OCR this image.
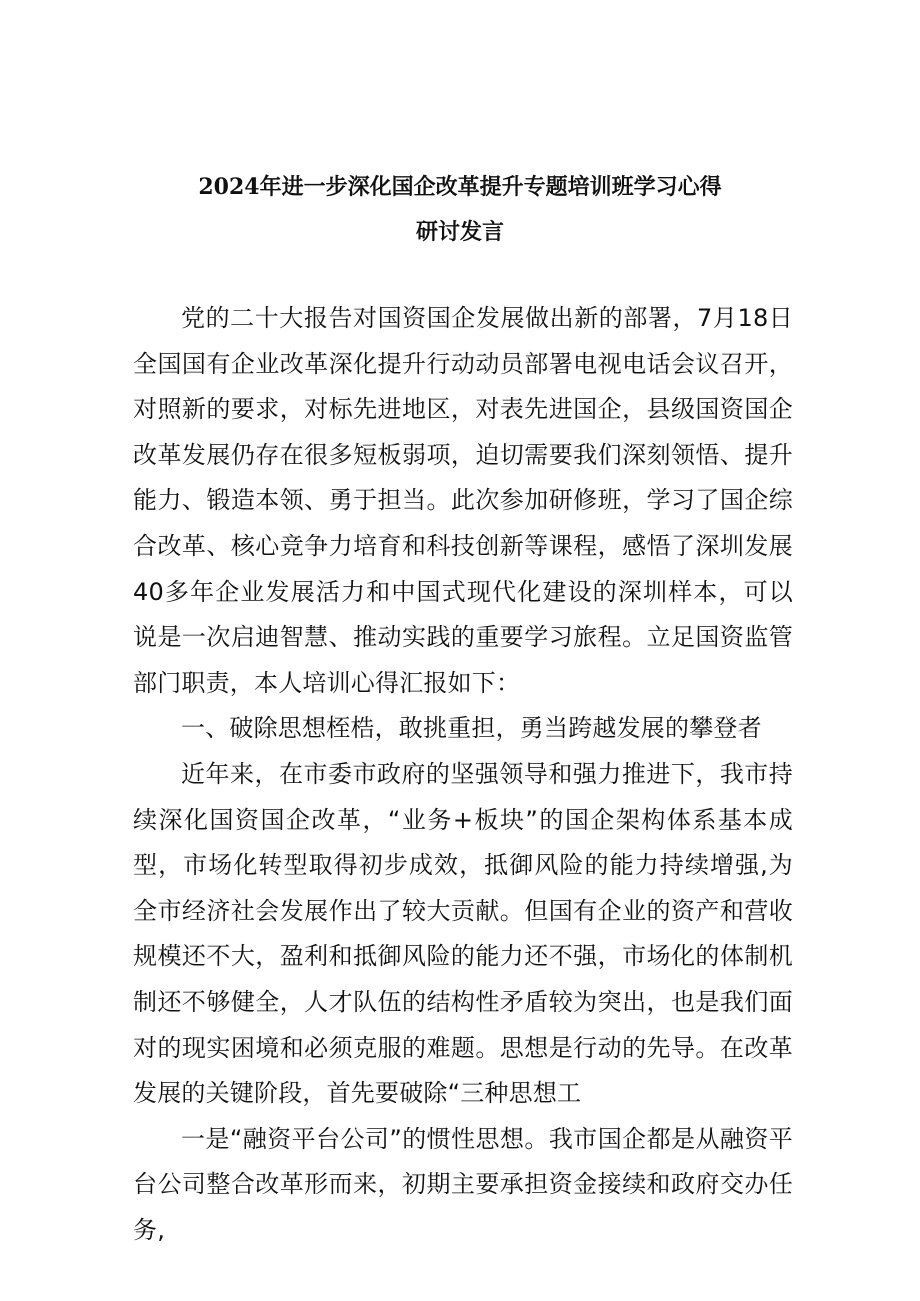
2024年进一步深化国企改革提升专题培训班学习心得
研讨发言

党的二十大报告对国资国企发展做出新的部署，7月18日全国国有企业改革深化提升行动动员部署电视电话会议召开，对照新的要求，对标先进地区，对表先进国企，县级国资国企改革发展仍存在很多短板弱项，迫切需要我们深刻领悟、提升能力、锻造本领、勇于担当。此次参加研修班，学习了国企综合改革、核心竞争力培育和科技创新等课程，感悟了深圳发展40多年企业发展活力和中国式现代化建设的深圳样本，可以说是一次启迪智慧、推动实践的重要学习旅程。立足国资监管部门职责，本人培训心得汇报如下：

一、破除思想桎梏，敢挑重担，勇当跨越发展的攀登者

近年来，在市委市政府的坚强领导和强力推进下，我市持续深化国资国企改革，“业务+板块”的国企架构体系基本成型，市场化转型取得初步成效，抵御风险的能力持续增强,为全市经济社会发展作出了较大贡献。但国有企业的资产和营收规模还不大，盈利和抵御风险的能力还不强，市场化的体制机制还不够健全，人才队伍的结构性矛盾较为突出，也是我们面对的现实困境和必须克服的难题。思想是行动的先导。在改革发展的关键阶段，首先要破除“三种思想工

一是“融资平台公司”的惯性思想。我市国企都是从融资平台公司整合改革形而来，初期主要承担资金接续和政府交办任务,
